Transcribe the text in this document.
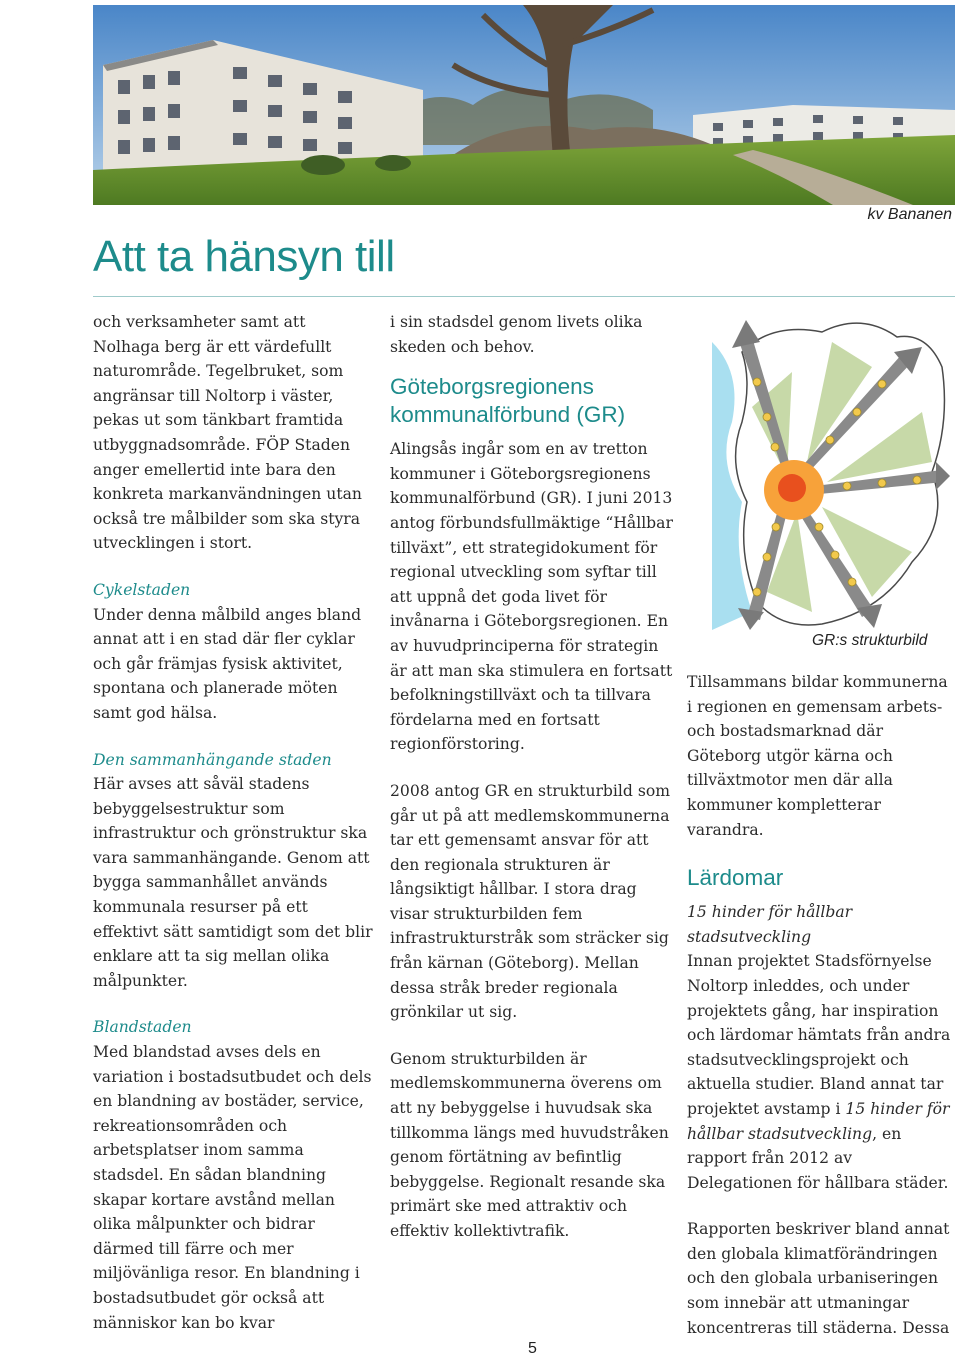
kv Bananen
Att ta hänsyn till

och verksamheter samt att Nolhaga berg är ett värdefullt naturområde. Tegelbruket, som angränsar till Noltorp i väster, pekas ut som tänkbart framtida utbyggnadsområde. FÖP Staden anger emellertid inte bara den konkreta markanvändningen utan också tre målbilder som ska styra utvecklingen i stort.

Cykelstaden
Under denna målbild anges bland annat att i en stad där fler cyklar och går främjas fysisk aktivitet, spontana och planerade möten samt god hälsa.

Den sammanhängande staden
Här avses att såväl stadens bebyggelsestruktur som infrastruktur och grönstruktur ska vara sammanhängande. Genom att bygga sammanhållet används kommunala resurser på ett effektivt sätt samtidigt som det blir enklare att ta sig mellan olika målpunkter.

Blandstaden
Med blandstad avses dels en variation i bostadsutbudet och dels en blandning av bostäder, service, rekreationsområden och arbetsplatser inom samma stadsdel. En sådan blandning skapar kortare avstånd mellan olika målpunkter och bidrar därmed till färre och mer miljövänliga resor. En blandning i bostadsutbudet gör också att människor kan bo kvar

i sin stadsdel genom livets olika skeden och behov.

Göteborgsregionens kommunalförbund (GR)

Alingsås ingår som en av tretton kommuner i Göteborgsregionens kommunalförbund (GR). I juni 2013 antog förbundsfullmäktige “Hållbar tillväxt”, ett strategidokument för regional utveckling som syftar till att uppnå det goda livet för invånarna i Göteborgsregionen. En av huvudprinciperna för strategin är att man ska stimulera en fortsatt befolkningstillväxt och ta tillvara fördelarna med en fortsatt regionförstoring.

2008 antog GR en strukturbild som går ut på att medlemskommunerna tar ett gemensamt ansvar för att den regionala strukturen är långsiktigt hållbar. I stora drag visar strukturbilden fem infrastrukturstråk som sträcker sig från kärnan (Göteborg). Mellan dessa stråk breder regionala grönkilar ut sig.

Genom strukturbilden är medlemskommunerna överens om att ny bebyggelse i huvudsak ska tillkomma längs med huvudstråken genom förtätning av befintlig bebyggelse. Regionalt resande ska primärt ske med attraktiv och effektiv kollektivtrafik.

GR:s strukturbild

Tillsammans bildar kommunerna i regionen en gemensam arbets- och bostadsmarknad där Göteborg utgör kärna och tillväxtmotor men där alla kommuner kompletterar varandra.

Lärdomar

15 hinder för hållbar stadsutveckling
Innan projektet Stadsförnyelse Noltorp inleddes, och under projektets gång, har inspiration och lärdomar hämtats från andra stadsutvecklingsprojekt och aktuella studier. Bland annat tar projektet avstamp i 15 hinder för hållbar stadsutveckling, en rapport från 2012 av Delegationen för hållbara städer.

Rapporten beskriver bland annat den globala klimatförändringen och den globala urbaniseringen som innebär att utmaningar koncentreras till städerna. Dessa

5
